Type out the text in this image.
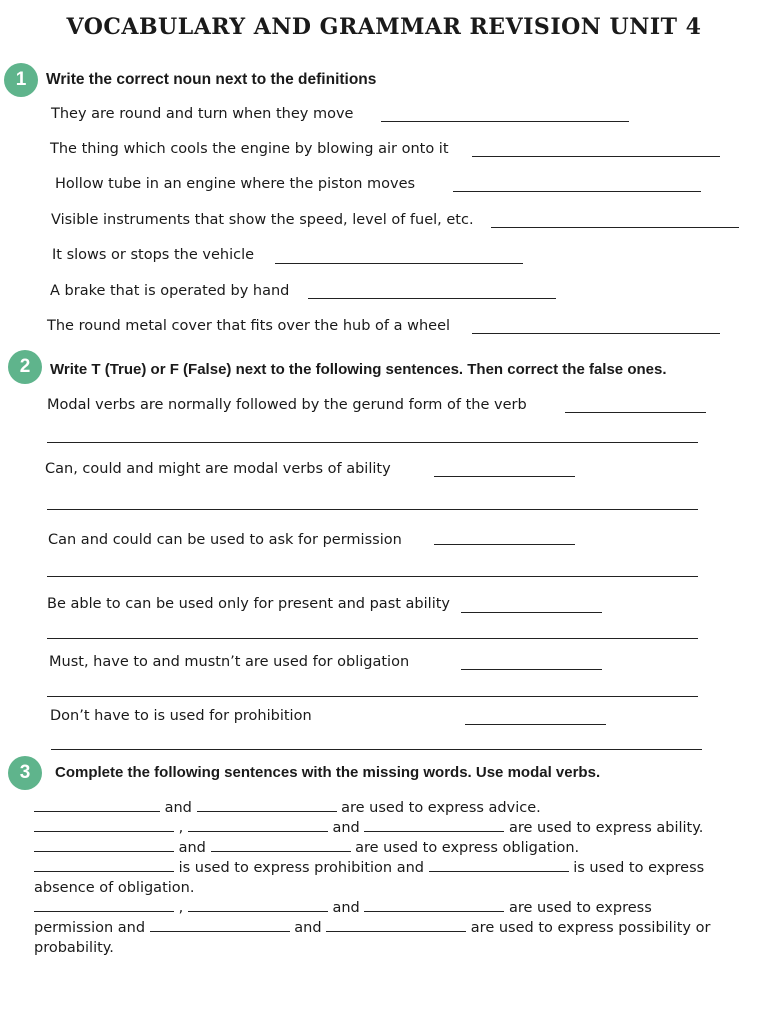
VOCABULARY AND GRAMMAR REVISION UNIT 4
1	Write the correct noun next to the definitions
They are round and turn when they move
The thing which cools the engine by blowing air onto it
Hollow tube in an engine where the piston moves
Visible instruments that show the speed, level of fuel, etc.
It slows or stops the vehicle
A brake that is operated by hand
The round metal cover that fits over the hub of a wheel
2	Write T (True) or F (False) next to the following sentences. Then correct the false ones.
Modal verbs are normally followed by the gerund form of the verb
Can, could and might are modal verbs of ability
Can and could can be used to ask for permission
Be able to can be used only for present and past ability
Must, have to and mustn’t are used for obligation
Don’t have to is used for prohibition
3	Complete the following sentences with the missing words. Use modal verbs.
and	are used to express advice.
,	and	are used to express ability.
and	are used to express obligation.
is used to express prohibition and	is used to express
absence of obligation.
,	and	are used to express
permission and	and	are used to express possibility or
probability.
